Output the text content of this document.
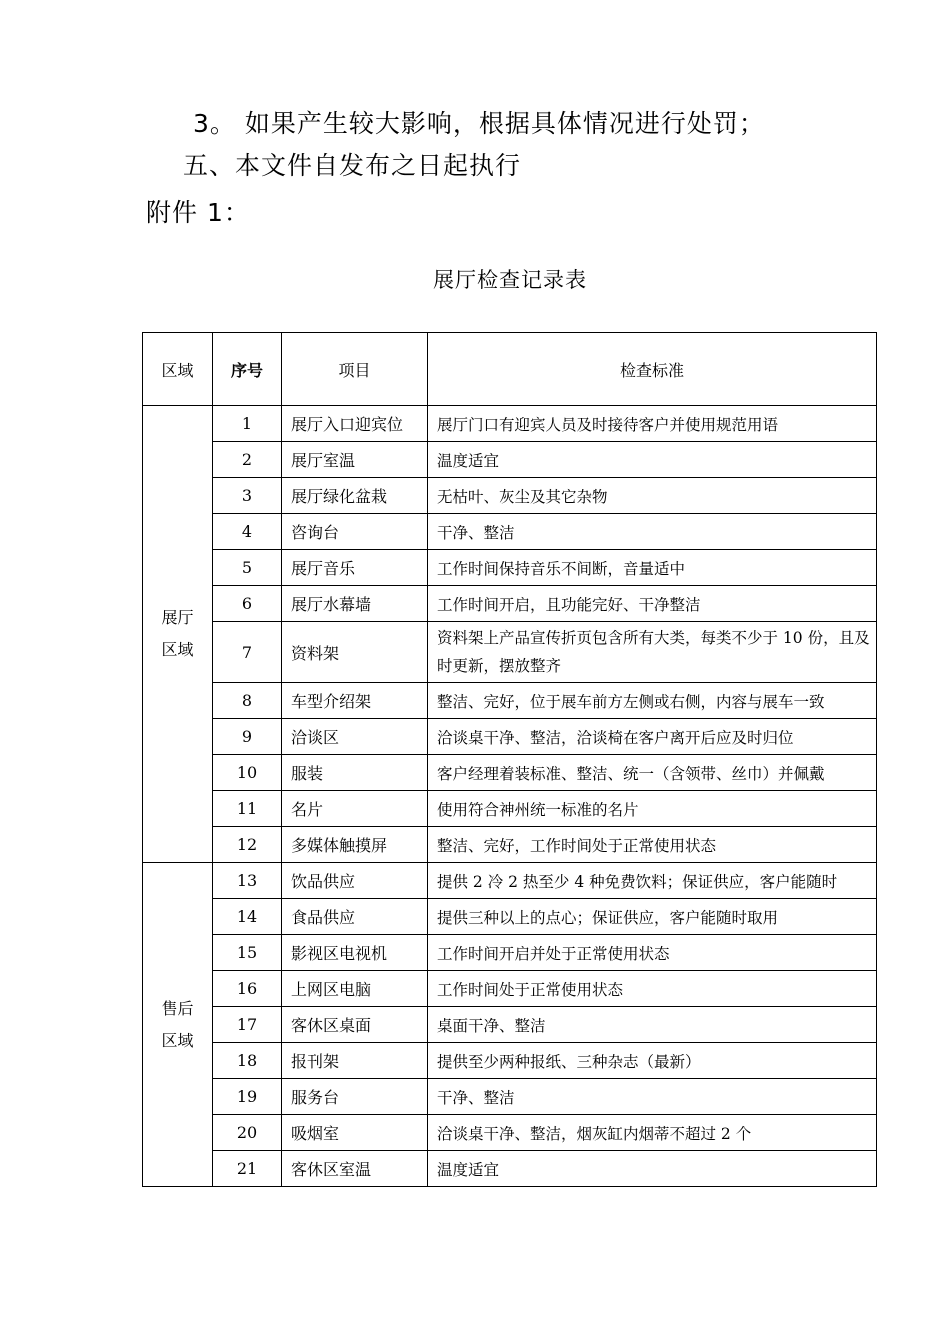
3。 如果产生较大影响，根据具体情况进行处罚；
五、本文件自发布之日起执行
附件 1：
展厅检查记录表
区域	序号	项目	检查标准
展厅
区域	1	展厅入口迎宾位	展厅门口有迎宾人员及时接待客户并使用规范用语
	2	展厅室温	温度适宜
	3	展厅绿化盆栽	无枯叶、灰尘及其它杂物
	4	咨询台	干净、整洁
	5	展厅音乐	工作时间保持音乐不间断，音量适中
	6	展厅水幕墙	工作时间开启，且功能完好、干净整洁
	7	资料架	资料架上产品宣传折页包含所有大类，每类不少于 10 份，且及时更新，摆放整齐
	8	车型介绍架	整洁、完好，位于展车前方左侧或右侧，内容与展车一致
	9	洽谈区	洽谈桌干净、整洁，洽谈椅在客户离开后应及时归位
	10	服装	客户经理着装标准、整洁、统一（含领带、丝巾）并佩戴
	11	名片	使用符合神州统一标准的名片
	12	多媒体触摸屏	整洁、完好，工作时间处于正常使用状态
售后
区域	13	饮品供应	提供 2 冷 2 热至少 4 种免费饮料；保证供应，客户能随时
	14	食品供应	提供三种以上的点心；保证供应，客户能随时取用
	15	影视区电视机	工作时间开启并处于正常使用状态
	16	上网区电脑	工作时间处于正常使用状态
	17	客休区桌面	桌面干净、整洁
	18	报刊架	提供至少两种报纸、三种杂志（最新）
	19	服务台	干净、整洁
	20	吸烟室	洽谈桌干净、整洁，烟灰缸内烟蒂不超过 2 个
	21	客休区室温	温度适宜
